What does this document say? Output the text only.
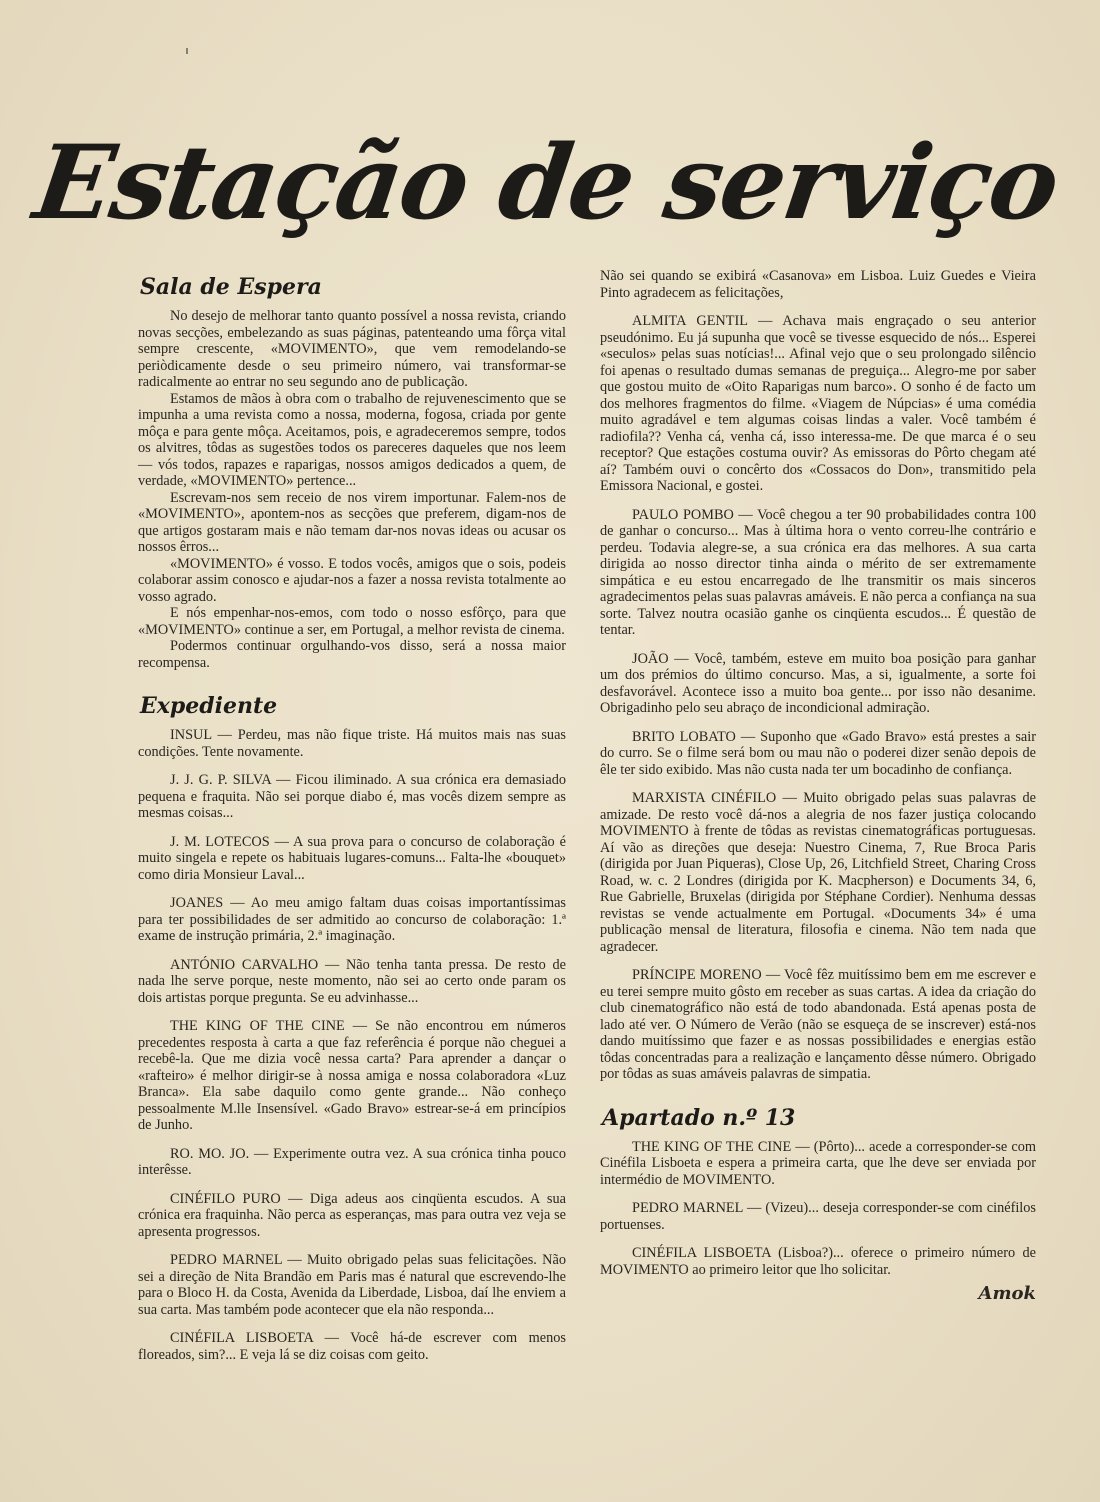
Estação de serviço
Sala de Espera

No desejo de melhorar tanto quanto possível a nossa revista, criando novas secções, embelezando as suas páginas, patenteando uma fôrça vital sempre crescente, «MOVIMENTO», que vem remodelando-se periòdicamente desde o seu primeiro número, vai transformar-se radicalmente ao entrar no seu segundo ano de publicação.

Estamos de mãos à obra com o trabalho de rejuvenescimento que se impunha a uma revista como a nossa, moderna, fogosa, criada por gente môça e para gente môça. Aceitamos, pois, e agradeceremos sempre, todos os alvitres, tôdas as sugestões todos os pareceres daqueles que nos leem — vós todos, rapazes e raparigas, nossos amigos dedicados a quem, de verdade, «MOVIMENTO» pertence...

Escrevam-nos sem receio de nos virem importunar. Falem-nos de «MOVIMENTO», apontem-nos as secções que preferem, digam-nos de que artigos gostaram mais e não temam dar-nos novas ideas ou acusar os nossos êrros...

«MOVIMENTO» é vosso. E todos vocês, amigos que o sois, podeis colaborar assim conosco e ajudar-nos a fazer a nossa revista totalmente ao vosso agrado.

E nós empenhar-nos-emos, com todo o nosso esfôrço, para que «MOVIMENTO» continue a ser, em Portugal, a melhor revista de cinema.

Podermos continuar orgulhando-vos disso, será a nossa maior recompensa.

Expediente

INSUL — Perdeu, mas não fique triste. Há muitos mais nas suas condições. Tente novamente.

J. J. G. P. SILVA — Ficou iliminado. A sua crónica era demasiado pequena e fraquita. Não sei porque diabo é, mas vocês dizem sempre as mesmas coisas...

J. M. LOTECOS — A sua prova para o concurso de colaboração é muito singela e repete os habituais lugares-comuns... Falta-lhe «bouquet» como diria Monsieur Laval...

JOANES — Ao meu amigo faltam duas coisas importantíssimas para ter possibilidades de ser admitido ao concurso de colaboração: 1.ª exame de instrução primária, 2.ª imaginação.

ANTÓNIO CARVALHO — Não tenha tanta pressa. De resto de nada lhe serve porque, neste momento, não sei ao certo onde param os dois artistas porque pregunta. Se eu advinhasse...

THE KING OF THE CINE — Se não encontrou em números precedentes resposta à carta a que faz referência é porque não cheguei a recebê-la. Que me dizia você nessa carta? Para aprender a dançar o «rafteiro» é melhor dirigir-se à nossa amiga e nossa colaboradora «Luz Branca». Ela sabe daquilo como gente grande... Não conheço pessoalmente M.lle Insensível. «Gado Bravo» estrear-se-á em princípios de Junho.

RO. MO. JO. — Experimente outra vez. A sua crónica tinha pouco interêsse.

CINÉFILO PURO — Diga adeus aos cinqüenta escudos. A sua crónica era fraquinha. Não perca as esperanças, mas para outra vez veja se apresenta progressos.

PEDRO MARNEL — Muito obrigado pelas suas felicitações. Não sei a direção de Nita Brandão em Paris mas é natural que escrevendo-lhe para o Bloco H. da Costa, Avenida da Liberdade, Lisboa, daí lhe enviem a sua carta. Mas também pode acontecer que ela não responda...

CINÉFILA LISBOETA — Você há-de escrever com menos floreados, sim?... E veja lá se diz coisas com geito.

Não sei quando se exibirá «Casanova» em Lisboa. Luiz Guedes e Vieira Pinto agradecem as felicitações,

ALMITA GENTIL — Achava mais engraçado o seu anterior pseudónimo. Eu já supunha que você se tivesse esquecido de nós... Esperei «seculos» pelas suas notícias!... Afinal vejo que o seu prolongado silêncio foi apenas o resultado dumas semanas de preguiça... Alegro-me por saber que gostou muito de «Oito Raparigas num barco». O sonho é de facto um dos melhores fragmentos do filme. «Viagem de Núpcias» é uma comédia muito agradável e tem algumas coisas lindas a valer. Você também é radiofila?? Venha cá, venha cá, isso interessa-me. De que marca é o seu receptor? Que estações costuma ouvir? As emissoras do Pôrto chegam até aí? Também ouvi o concêrto dos «Cossacos do Don», transmitido pela Emissora Nacional, e gostei.

PAULO POMBO — Você chegou a ter 90 probabilidades contra 100 de ganhar o concurso... Mas à última hora o vento correu-lhe contrário e perdeu. Todavia alegre-se, a sua crónica era das melhores. A sua carta dirigida ao nosso director tinha ainda o mérito de ser extremamente simpática e eu estou encarregado de lhe transmitir os mais sinceros agradecimentos pelas suas palavras amáveis. E não perca a confiança na sua sorte. Talvez noutra ocasião ganhe os cinqüenta escudos... É questão de tentar.

JOÃO — Você, também, esteve em muito boa posição para ganhar um dos prémios do último concurso. Mas, a si, igualmente, a sorte foi desfavorável. Acontece isso a muito boa gente... por isso não desanime. Obrigadinho pelo seu abraço de incondicional admiração.

BRITO LOBATO — Suponho que «Gado Bravo» está prestes a sair do curro. Se o filme será bom ou mau não o poderei dizer senão depois de êle ter sido exibido. Mas não custa nada ter um bocadinho de confiança.

MARXISTA CINÉFILO — Muito obrigado pelas suas palavras de amizade. De resto você dá-nos a alegria de nos fazer justiça colocando MOVIMENTO à frente de tôdas as revistas cinematográficas portuguesas. Aí vão as direções que deseja: Nuestro Cinema, 7, Rue Broca Paris (dirigida por Juan Piqueras), Close Up, 26, Litchfield Street, Charing Cross Road, w. c. 2 Londres (dirigida por K. Macpherson) e Documents 34, 6, Rue Gabrielle, Bruxelas (dirigida por Stéphane Cordier). Nenhuma dessas revistas se vende actualmente em Portugal. «Documents 34» é uma publicação mensal de literatura, filosofia e cinema. Não tem nada que agradecer.

PRÍNCIPE MORENO — Você fêz muitíssimo bem em me escrever e eu terei sempre muito gôsto em receber as suas cartas. A idea da criação do club cinematográfico não está de todo abandonada. Está apenas posta de lado até ver. O Número de Verão (não se esqueça de se inscrever) está-nos dando muitíssimo que fazer e as nossas possibilidades e energias estão tôdas concentradas para a realização e lançamento dêsse número. Obrigado por tôdas as suas amáveis palavras de simpatia.

Apartado n.º 13

THE KING OF THE CINE — (Pôrto)... acede a corresponder-se com Cinéfila Lisboeta e espera a primeira carta, que lhe deve ser enviada por intermédio de MOVIMENTO.

PEDRO MARNEL — (Vizeu)... deseja corresponder-se com cinéfilos portuenses.

CINÉFILA LISBOETA (Lisboa?)... oferece o primeiro número de MOVIMENTO ao primeiro leitor que lho solicitar.

Amok
